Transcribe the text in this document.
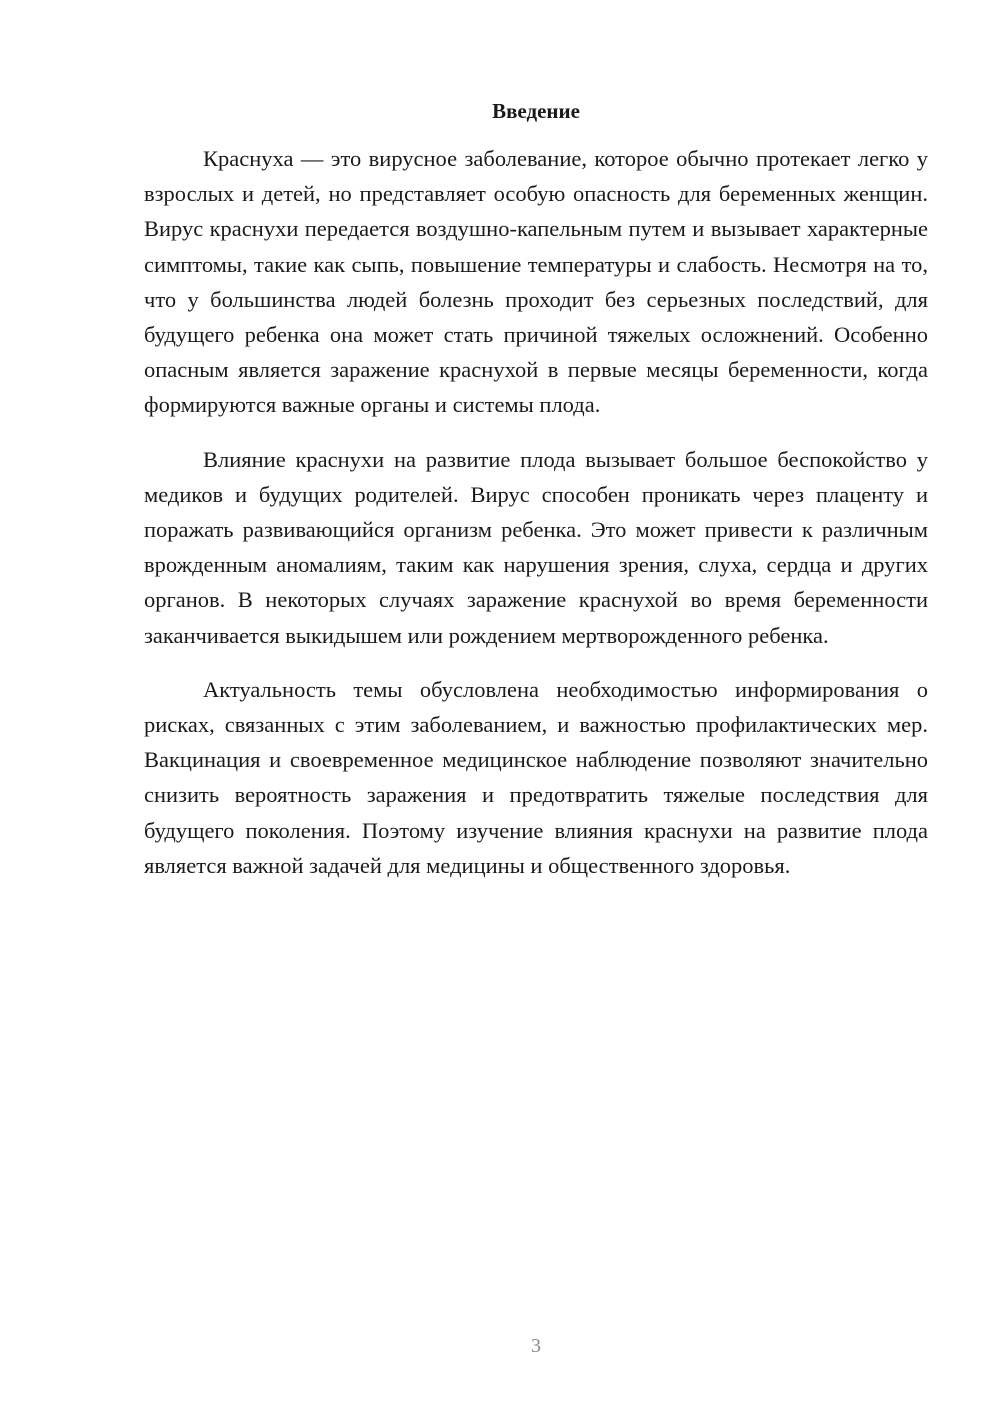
Введение

Краснуха — это вирусное заболевание, которое обычно протекает легко у взрослых и детей, но представляет особую опасность для беременных женщин. Вирус краснухи передается воздушно-капельным путем и вызывает характерные симптомы, такие как сыпь, повышение температуры и слабость. Несмотря на то, что у большинства людей болезнь проходит без серьезных последствий, для будущего ребенка она может стать причиной тяжелых осложнений. Особенно опасным является заражение краснухой в первые месяцы беременности, когда формируются важные органы и системы плода.

Влияние краснухи на развитие плода вызывает большое беспокойство у медиков и будущих родителей. Вирус способен проникать через плаценту и поражать развивающийся организм ребенка. Это может привести к различным врожденным аномалиям, таким как нарушения зрения, слуха, сердца и других органов. В некоторых случаях заражение краснухой во время беременности заканчивается выкидышем или рождением мертворожденного ребенка.

Актуальность темы обусловлена необходимостью информирования о рисках, связанных с этим заболеванием, и важностью профилактических мер. Вакцинация и своевременное медицинское наблюдение позволяют значительно снизить вероятность заражения и предотвратить тяжелые последствия для будущего поколения. Поэтому изучение влияния краснухи на развитие плода является важной задачей для медицины и общественного здоровья.

3
